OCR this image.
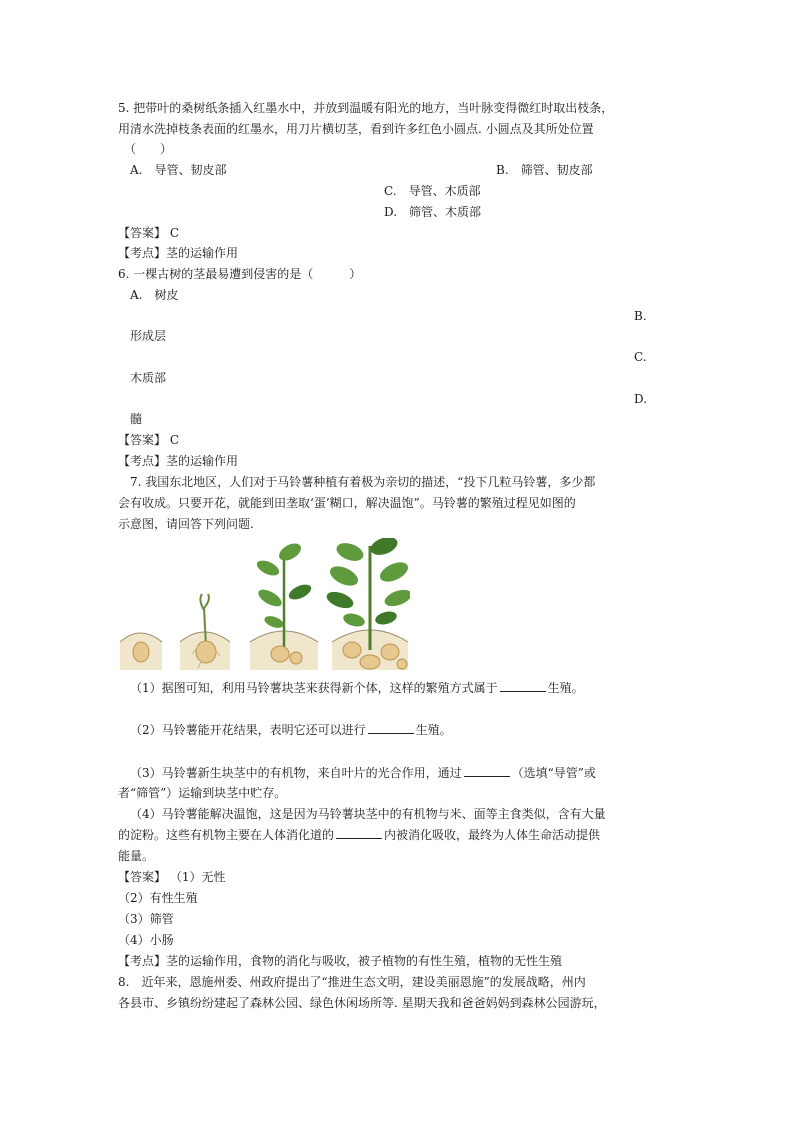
5. 把带叶的桑树纸条插入红墨水中，并放到温暖有阳光的地方，当叶脉变得微红时取出枝条，
用清水洗掉枝条表面的红墨水，用刀片横切茎，看到许多红色小圆点. 小圆点及其所处位置
（　　）
A.　导管、韧皮部	B.　筛管、韧皮部
C.　导管、木质部
D.　筛管、木质部
【答案】 C
【考点】茎的运输作用
6. 一棵古树的茎最易遭到侵害的是（　　　）
A.　树皮
B.
形成层
C.
木质部
D.
髓
【答案】 C
【考点】茎的运输作用
7. 我国东北地区，人们对于马铃薯种植有着极为亲切的描述，“投下几粒马铃薯，多少都
会有收成。只要开花，就能到田垄取‘蛋’糊口，解决温饱”。马铃薯的繁殖过程见如图的
示意图，请回答下列问题.
（1）据图可知，利用马铃薯块茎来获得新个体，这样的繁殖方式属于	生殖。
（2）马铃薯能开花结果，表明它还可以进行	生殖。
（3）马铃薯新生块茎中的有机物，来自叶片的光合作用，通过	（选填“导管”或
者“筛管”）运输到块茎中贮存。
（4）马铃薯能解决温饱，这是因为马铃薯块茎中的有机物与米、面等主食类似，含有大量
的淀粉。这些有机物主要在人体消化道的	内被消化吸收，最终为人体生命活动提供
能量。
【答案】 （1）无性
（2）有性生殖
（3）筛管
（4）小肠
【考点】茎的运输作用，食物的消化与吸收，被子植物的有性生殖，植物的无性生殖
8.　近年来，恩施州委、州政府提出了“推进生态文明，建设美丽恩施”的发展战略，州内
各县市、乡镇纷纷建起了森林公园、绿色休闲场所等. 星期天我和爸爸妈妈到森林公园游玩，
